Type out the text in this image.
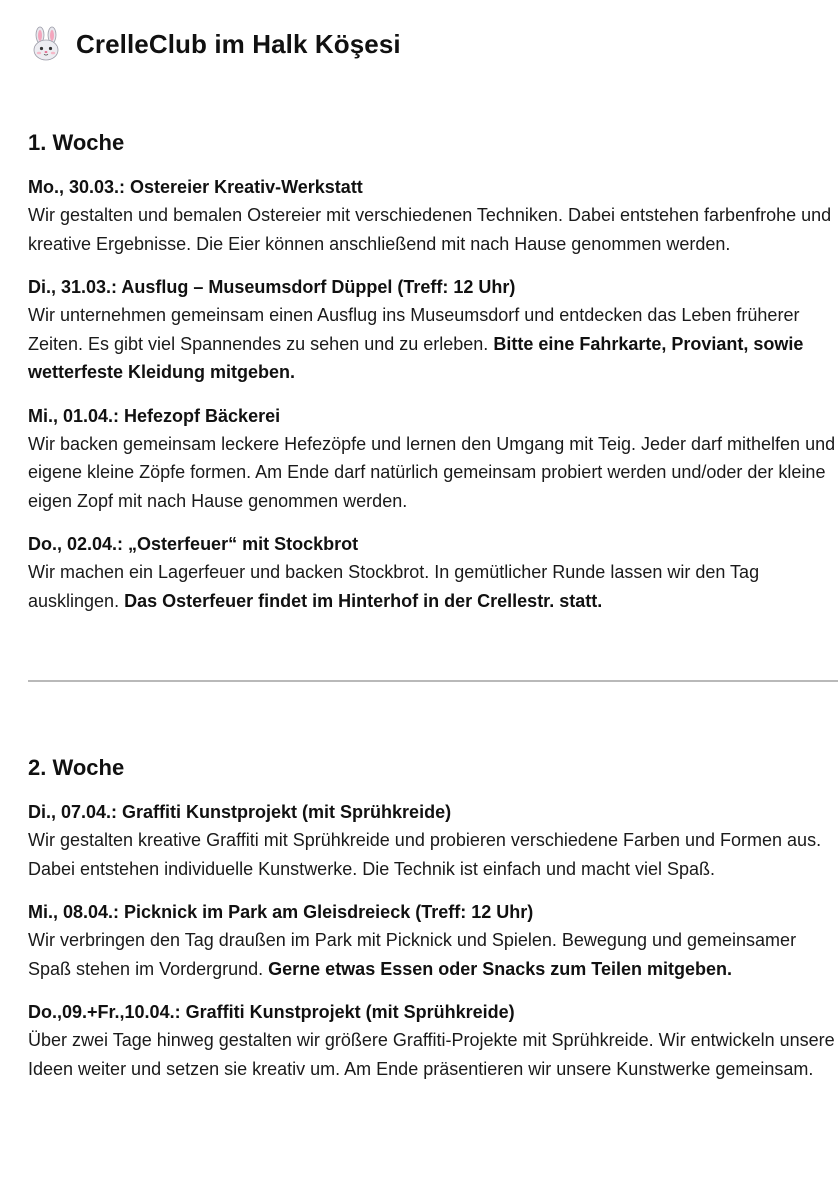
CrelleClub im Halk Köşesi
1. Woche
Mo., 30.03.: Ostereier Kreativ-Werkstatt
Wir gestalten und bemalen Ostereier mit verschiedenen Techniken. Dabei entstehen farbenfrohe und kreative Ergebnisse. Die Eier können anschließend mit nach Hause genommen werden.
Di., 31.03.: Ausflug – Museumsdorf Düppel (Treff: 12 Uhr)
Wir unternehmen gemeinsam einen Ausflug ins Museumsdorf und entdecken das Leben früherer Zeiten. Es gibt viel Spannendes zu sehen und zu erleben. Bitte eine Fahrkarte, Proviant, sowie wetterfeste Kleidung mitgeben.
Mi., 01.04.: Hefezopf Bäckerei
Wir backen gemeinsam leckere Hefezöpfe und lernen den Umgang mit Teig. Jeder darf mithelfen und eigene kleine Zöpfe formen. Am Ende darf natürlich gemeinsam probiert werden und/oder der kleine eigen Zopf mit nach Hause genommen werden.
Do., 02.04.: „Osterfeuer“ mit Stockbrot
Wir machen ein Lagerfeuer und backen Stockbrot. In gemütlicher Runde lassen wir den Tag ausklingen. Das Osterfeuer findet im Hinterhof in der Crellestr. statt.
2. Woche
Di., 07.04.: Graffiti Kunstprojekt (mit Sprühkreide)
Wir gestalten kreative Graffiti mit Sprühkreide und probieren verschiedene Farben und Formen aus. Dabei entstehen individuelle Kunstwerke. Die Technik ist einfach und macht viel Spaß.
Mi., 08.04.: Picknick im Park am Gleisdreieck (Treff: 12 Uhr)
Wir verbringen den Tag draußen im Park mit Picknick und Spielen. Bewegung und gemeinsamer Spaß stehen im Vordergrund. Gerne etwas Essen oder Snacks zum Teilen mitgeben.
Do.,09.+Fr.,10.04.: Graffiti Kunstprojekt (mit Sprühkreide)
Über zwei Tage hinweg gestalten wir größere Graffiti-Projekte mit Sprühkreide. Wir entwickeln unsere Ideen weiter und setzen sie kreativ um. Am Ende präsentieren wir unsere Kunstwerke gemeinsam.
